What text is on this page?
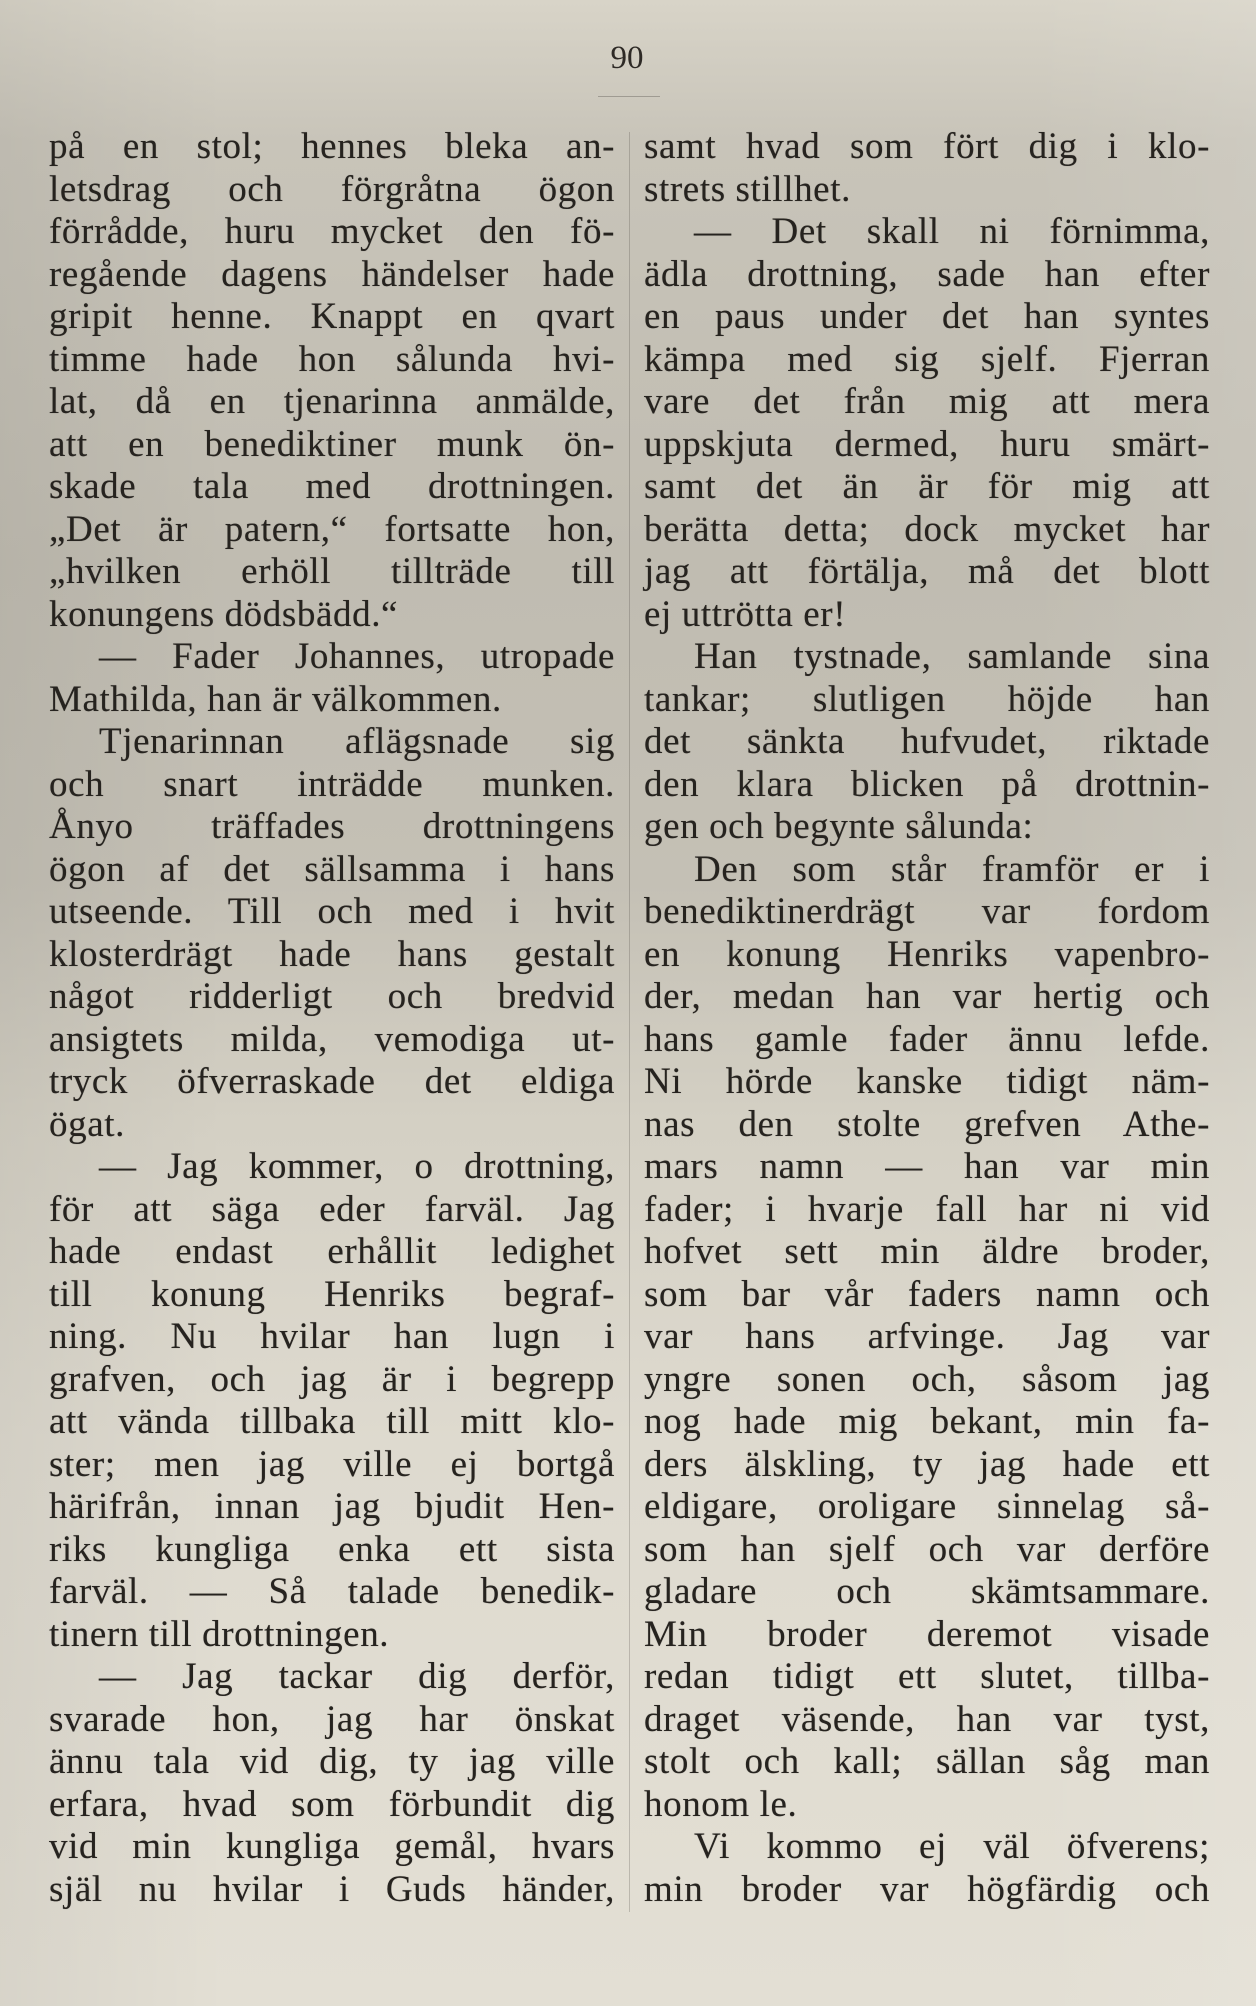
90
på en stol; hennes bleka an-
letsdrag och förgråtna ögon
förrådde, huru mycket den fö-
regående dagens händelser hade
gripit henne. Knappt en qvart
timme hade hon sålunda hvi-
lat, då en tjenarinna anmälde,
att en benediktiner munk ön-
skade tala med drottningen.
„Det är patern,“ fortsatte hon,
„hvilken erhöll tillträde till
konungens dödsbädd.“
— Fader Johannes, utropade
Mathilda, han är välkommen.
Tjenarinnan aflägsnade sig
och snart inträdde munken.
Ånyo träffades drottningens
ögon af det sällsamma i hans
utseende. Till och med i hvit
klosterdrägt hade hans gestalt
något ridderligt och bredvid
ansigtets milda, vemodiga ut-
tryck öfverraskade det eldiga
ögat.
— Jag kommer, o drottning,
för att säga eder farväl. Jag
hade endast erhållit ledighet
till konung Henriks begraf-
ning. Nu hvilar han lugn i
grafven, och jag är i begrepp
att vända tillbaka till mitt klo-
ster; men jag ville ej bortgå
härifrån, innan jag bjudit Hen-
riks kungliga enka ett sista
farväl. — Så talade benedik-
tinern till drottningen.
— Jag tackar dig derför,
svarade hon, jag har önskat
ännu tala vid dig, ty jag ville
erfara, hvad som förbundit dig
vid min kungliga gemål, hvars
själ nu hvilar i Guds händer,
samt hvad som fört dig i klo-
strets stillhet.
— Det skall ni förnimma,
ädla drottning, sade han efter
en paus under det han syntes
kämpa med sig sjelf. Fjerran
vare det från mig att mera
uppskjuta dermed, huru smärt-
samt det än är för mig att
berätta detta; dock mycket har
jag att förtälja, må det blott
ej uttrötta er!
Han tystnade, samlande sina
tankar; slutligen höjde han
det sänkta hufvudet, riktade
den klara blicken på drottnin-
gen och begynte sålunda:
Den som står framför er i
benediktinerdrägt var fordom
en konung Henriks vapenbro-
der, medan han var hertig och
hans gamle fader ännu lefde.
Ni hörde kanske tidigt näm-
nas den stolte grefven Athe-
mars namn — han var min
fader; i hvarje fall har ni vid
hofvet sett min äldre broder,
som bar vår faders namn och
var hans arfvinge. Jag var
yngre sonen och, såsom jag
nog hade mig bekant, min fa-
ders älskling, ty jag hade ett
eldigare, oroligare sinnelag så-
som han sjelf och var derföre
gladare och skämtsammare.
Min broder deremot visade
redan tidigt ett slutet, tillba-
draget väsende, han var tyst,
stolt och kall; sällan såg man
honom le.
Vi kommo ej väl öfverens;
min broder var högfärdig och
